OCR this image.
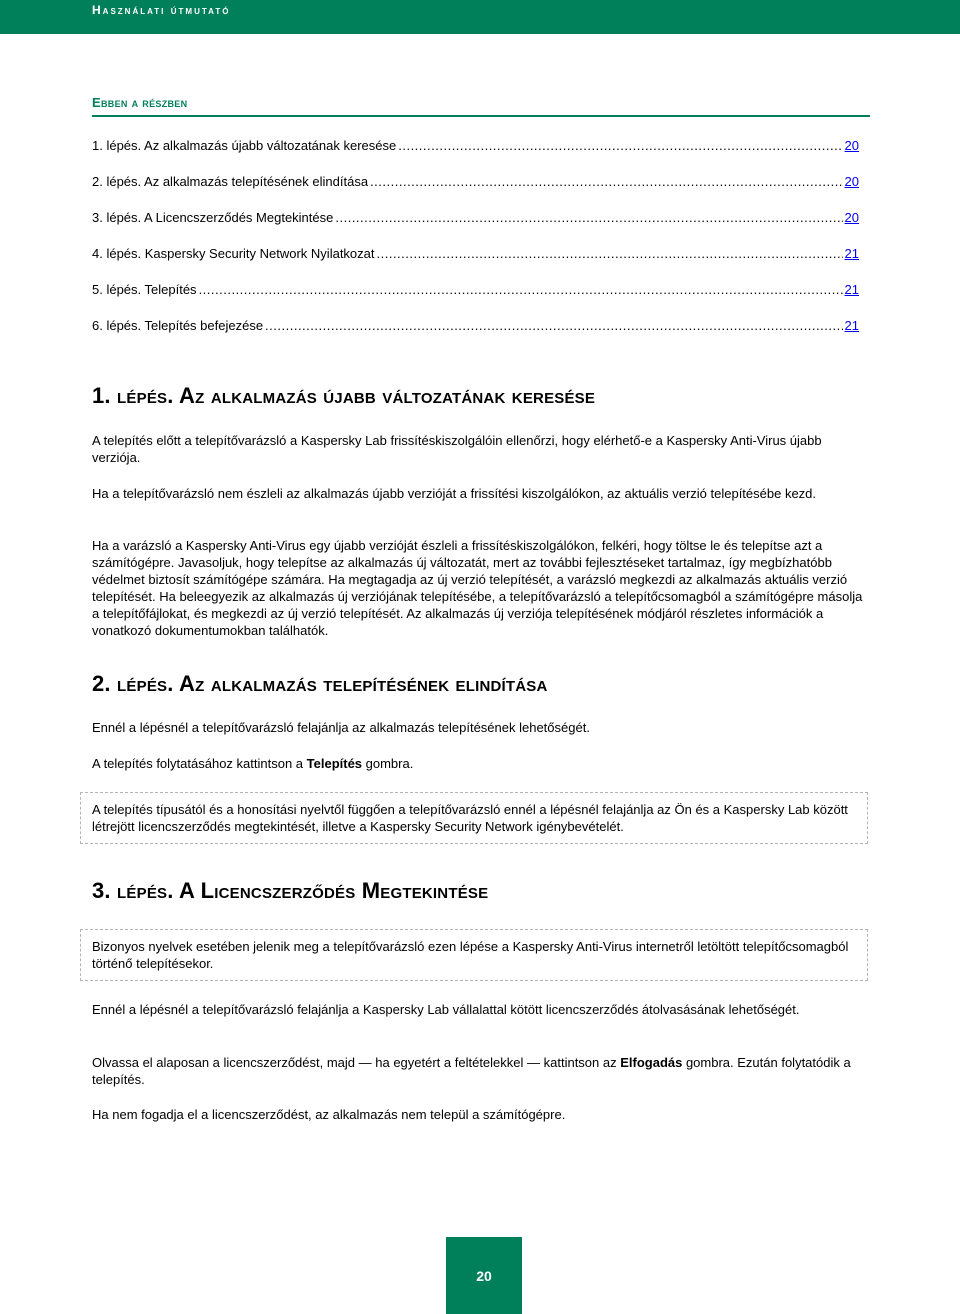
Használati útmutató
Ebben a részben
1. lépés. Az alkalmazás újabb változatának keresése .....	20
2. lépés. Az alkalmazás telepítésének elindítása .....	20
3. lépés. A Licencszerződés Megtekintése .....	20
4. lépés. Kaspersky Security Network Nyilatkozat .....	21
5. lépés. Telepítés .....	21
6. lépés. Telepítés befejezése .....	21
1. lépés. Az alkalmazás újabb változatának keresése
A telepítés előtt a telepítővarázsló a Kaspersky Lab frissítéskiszolgálóin ellenőrzi, hogy elérhető-e a Kaspersky Anti-Virus újabb verziója.
Ha a telepítővarázsló nem észleli az alkalmazás újabb verzióját a frissítési kiszolgálókon, az aktuális verzió telepítésébe kezd.
Ha a varázsló a Kaspersky Anti-Virus egy újabb verzióját észleli a frissítéskiszolgálókon, felkéri, hogy töltse le és telepítse azt a számítógépre. Javasoljuk, hogy telepítse az alkalmazás új változatát, mert az további fejlesztéseket tartalmaz, így megbízhatóbb védelmet biztosít számítógépe számára. Ha megtagadja az új verzió telepítését, a varázsló megkezdi az alkalmazás aktuális verzió telepítését. Ha beleegyezik az alkalmazás új verziójának telepítésébe, a telepítővarázsló a telepítőcsomagból a számítógépre másolja a telepítőfájlokat, és megkezdi az új verzió telepítését. Az alkalmazás új verziója telepítésének módjáról részletes információk a vonatkozó dokumentumokban találhatók.
2. lépés. Az alkalmazás telepítésének elindítása
Ennél a lépésnél a telepítővarázsló felajánlja az alkalmazás telepítésének lehetőségét.
A telepítés folytatásához kattintson a Telepítés gombra.
A telepítés típusától és a honosítási nyelvtől függően a telepítővarázsló ennél a lépésnél felajánlja az Ön és a Kaspersky Lab között létrejött licencszerződés megtekintését, illetve a Kaspersky Security Network igénybevételét.
3. lépés. A Licencszerződés Megtekintése
Bizonyos nyelvek esetében jelenik meg a telepítővarázsló ezen lépése a Kaspersky Anti-Virus internetről letöltött telepítőcsomagból történő telepítésekor.
Ennél a lépésnél a telepítővarázsló felajánlja a Kaspersky Lab vállalattal kötött licencszerződés átolvasásának lehetőségét.
Olvassa el alaposan a licencszerződést, majd — ha egyetért a feltételekkel — kattintson az Elfogadás gombra. Ezután folytatódik a telepítés.
Ha nem fogadja el a licencszerződést, az alkalmazás nem települ a számítógépre.
20
